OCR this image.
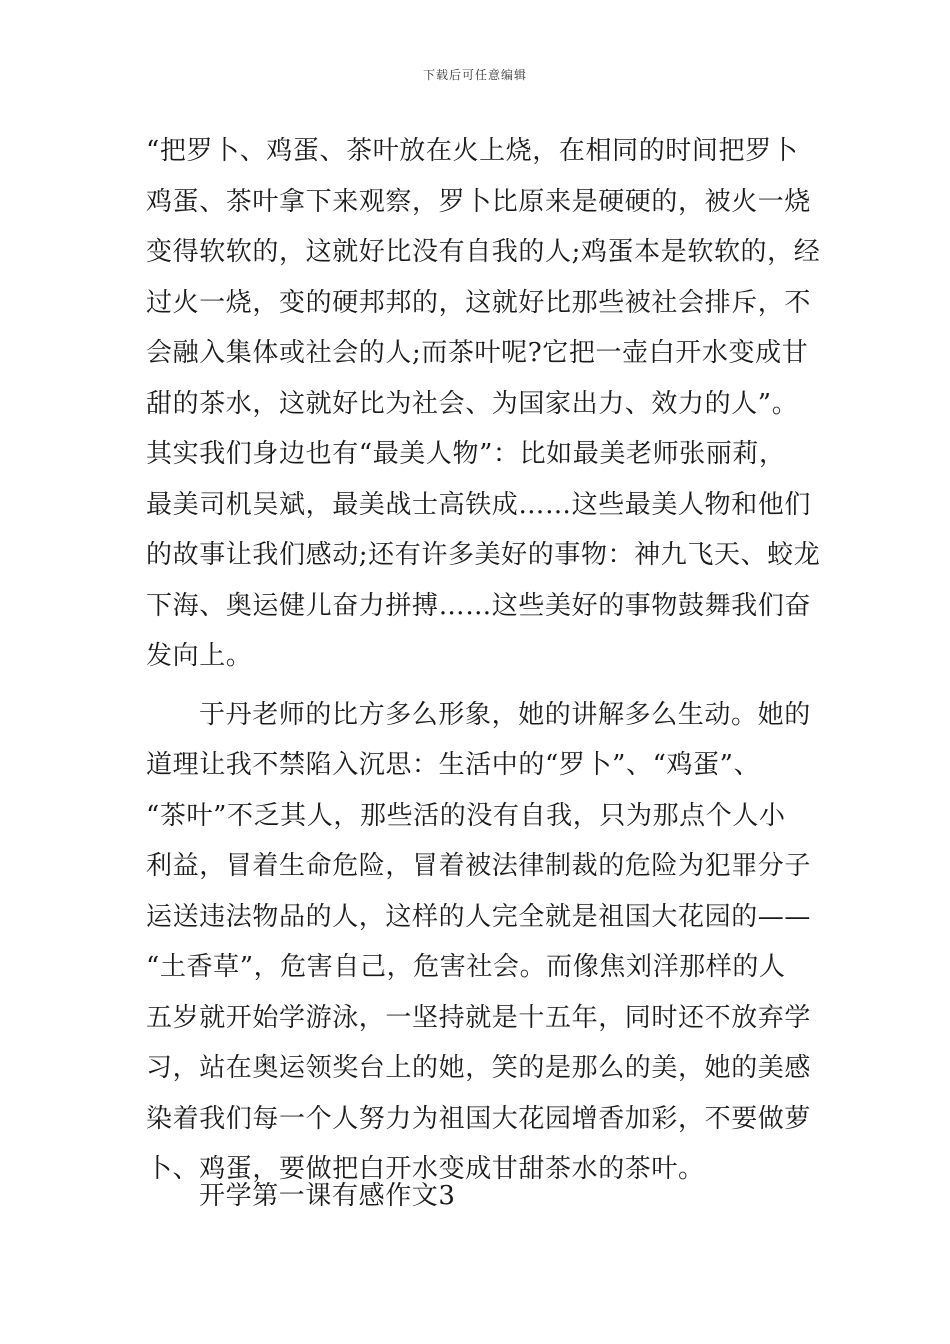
下载后可任意编辑
“把罗卜、鸡蛋、茶叶放在火上烧，在相同的时间把罗卜
鸡蛋、茶叶拿下来观察，罗卜比原来是硬硬的，被火一烧
变得软软的，这就好比没有自我的人;鸡蛋本是软软的，经
过火一烧，变的硬邦邦的，这就好比那些被社会排斥，不
会融入集体或社会的人;而茶叶呢?它把一壶白开水变成甘
甜的茶水，这就好比为社会、为国家出力、效力的人”。
其实我们身边也有“最美人物”：比如最美老师张丽莉，
最美司机吴斌，最美战士高铁成……这些最美人物和他们
的故事让我们感动;还有许多美好的事物：神九飞天、蛟龙
下海、奥运健儿奋力拼搏……这些美好的事物鼓舞我们奋
发向上。
于丹老师的比方多么形象，她的讲解多么生动。她的
道理让我不禁陷入沉思：生活中的“罗卜”、“鸡蛋”、
“茶叶”不乏其人，那些活的没有自我，只为那点个人小
利益，冒着生命危险，冒着被法律制裁的危险为犯罪分子
运送违法物品的人，这样的人完全就是祖国大花园的——
“土香草”，危害自己，危害社会。而像焦刘洋那样的人
五岁就开始学游泳，一坚持就是十五年，同时还不放弃学
习，站在奥运领奖台上的她，笑的是那么的美，她的美感
染着我们每一个人努力为祖国大花园增香加彩，不要做萝
卜、鸡蛋，要做把白开水变成甘甜茶水的茶叶。
开学第一课有感作文3
